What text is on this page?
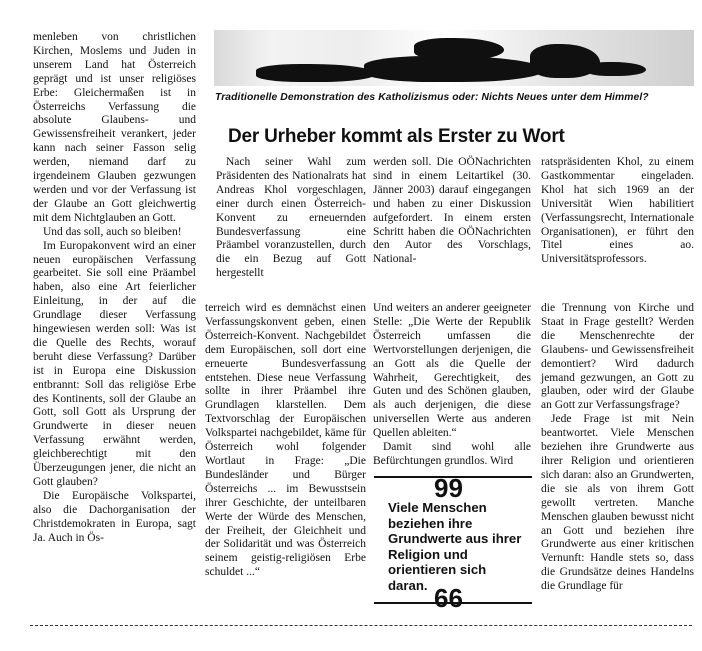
menleben von christlichen Kirchen, Moslems und Juden in unserem Land hat Österreich geprägt und ist unser religiöses Erbe: Gleichermaßen ist in Österreichs Verfassung die absolute Glaubens- und Gewissensfreiheit verankert, jeder kann nach seiner Fasson selig werden, niemand darf zu irgendeinem Glauben gezwungen werden und vor der Verfassung ist der Glaube an Gott gleichwertig mit dem Nichtglauben an Gott.

Und das soll, auch so bleiben!

Im Europakonvent wird an einer neuen europäischen Verfassung gearbeitet. Sie soll eine Präambel haben, also eine Art feierlicher Einleitung, in der auf die Grundlage dieser Verfassung hingewiesen werden soll: Was ist die Quelle des Rechts, worauf beruht diese Verfassung? Darüber ist in Europa eine Diskussion entbrannt: Soll das religiöse Erbe des Kontinents, soll der Glaube an Gott, soll Gott als Ursprung der Grundwerte in dieser neuen Verfassung erwähnt werden, gleichberechtigt mit den Überzeugungen jener, die nicht an Gott glauben?

Die Europäische Volkspartei, also die Dachorganisation der Christdemokraten in Europa, sagt Ja. Auch in Ös-

Traditionelle Demonstration des Katholizismus oder: Nichts Neues unter dem Himmel?
Der Urheber kommt als Erster zu Wort

Nach seiner Wahl zum Präsidenten des Nationalrats hat Andreas Khol vorgeschlagen, einer durch einen Österreich-Konvent zu erneuernden Bundesverfassung eine Präambel voranzustellen, durch die ein Bezug auf Gott hergestellt

werden soll. Die OÖNachrichten sind in einem Leitartikel (30. Jänner 2003) darauf eingegangen und haben zu einer Diskussion aufgefordert. In einem ersten Schritt haben die OÖNachrichten den Autor des Vorschlags, National-

ratspräsidenten Khol, zu einem Gastkommentar eingeladen. Khol hat sich 1969 an der Universität Wien habilitiert (Verfassungsrecht, Internationale Organisationen), er führt den Titel eines ao. Universitätsprofessors.

terreich wird es demnächst einen Verfassungskonvent geben, einen Österreich-Konvent. Nachgebildet dem Europäischen, soll dort eine erneuerte Bundesverfassung entstehen. Diese neue Verfassung sollte in ihrer Präambel ihre Grundlagen klarstellen. Dem Textvorschlag der Europäischen Volkspartei nachgebildet, käme für Österreich wohl folgender Wortlaut in Frage: „Die Bundesländer und Bürger Österreichs ... im Bewusstsein ihrer Geschichte, der unteilbaren Werte der Würde des Menschen, der Freiheit, der Gleichheit und der Solidarität und was Österreich seinem geistig-religiösen Erbe schuldet ...“

Und weiters an anderer geeigneter Stelle: „Die Werte der Republik Österreich umfassen die Wertvorstellungen derjenigen, die an Gott als die Quelle der Wahrheit, Gerechtigkeit, des Guten und des Schönen glauben, als auch derjenigen, die diese universellen Werte aus anderen Quellen ableiten.“

Damit sind wohl alle Befürchtungen grundlos. Wird

die Trennung von Kirche und Staat in Frage gestellt? Werden die Menschenrechte der Glaubens- und Gewissensfreiheit demontiert? Wird dadurch jemand gezwungen, an Gott zu glauben, oder wird der Glaube an Gott zur Verfassungsfrage?

Jede Frage ist mit Nein beantwortet. Viele Menschen beziehen ihre Grundwerte aus ihrer Religion und orientieren sich daran: also an Grundwerten, die sie als von ihrem Gott gewollt vertreten. Manche Menschen glauben bewusst nicht an Gott und beziehen ihre Grundwerte aus einer kritischen Vernunft: Handle stets so, dass die Grundsätze deines Handelns die Grundlage für

99
Viele Menschen beziehen ihre Grundwerte aus ihrer Religion und orientieren sich daran. 66
